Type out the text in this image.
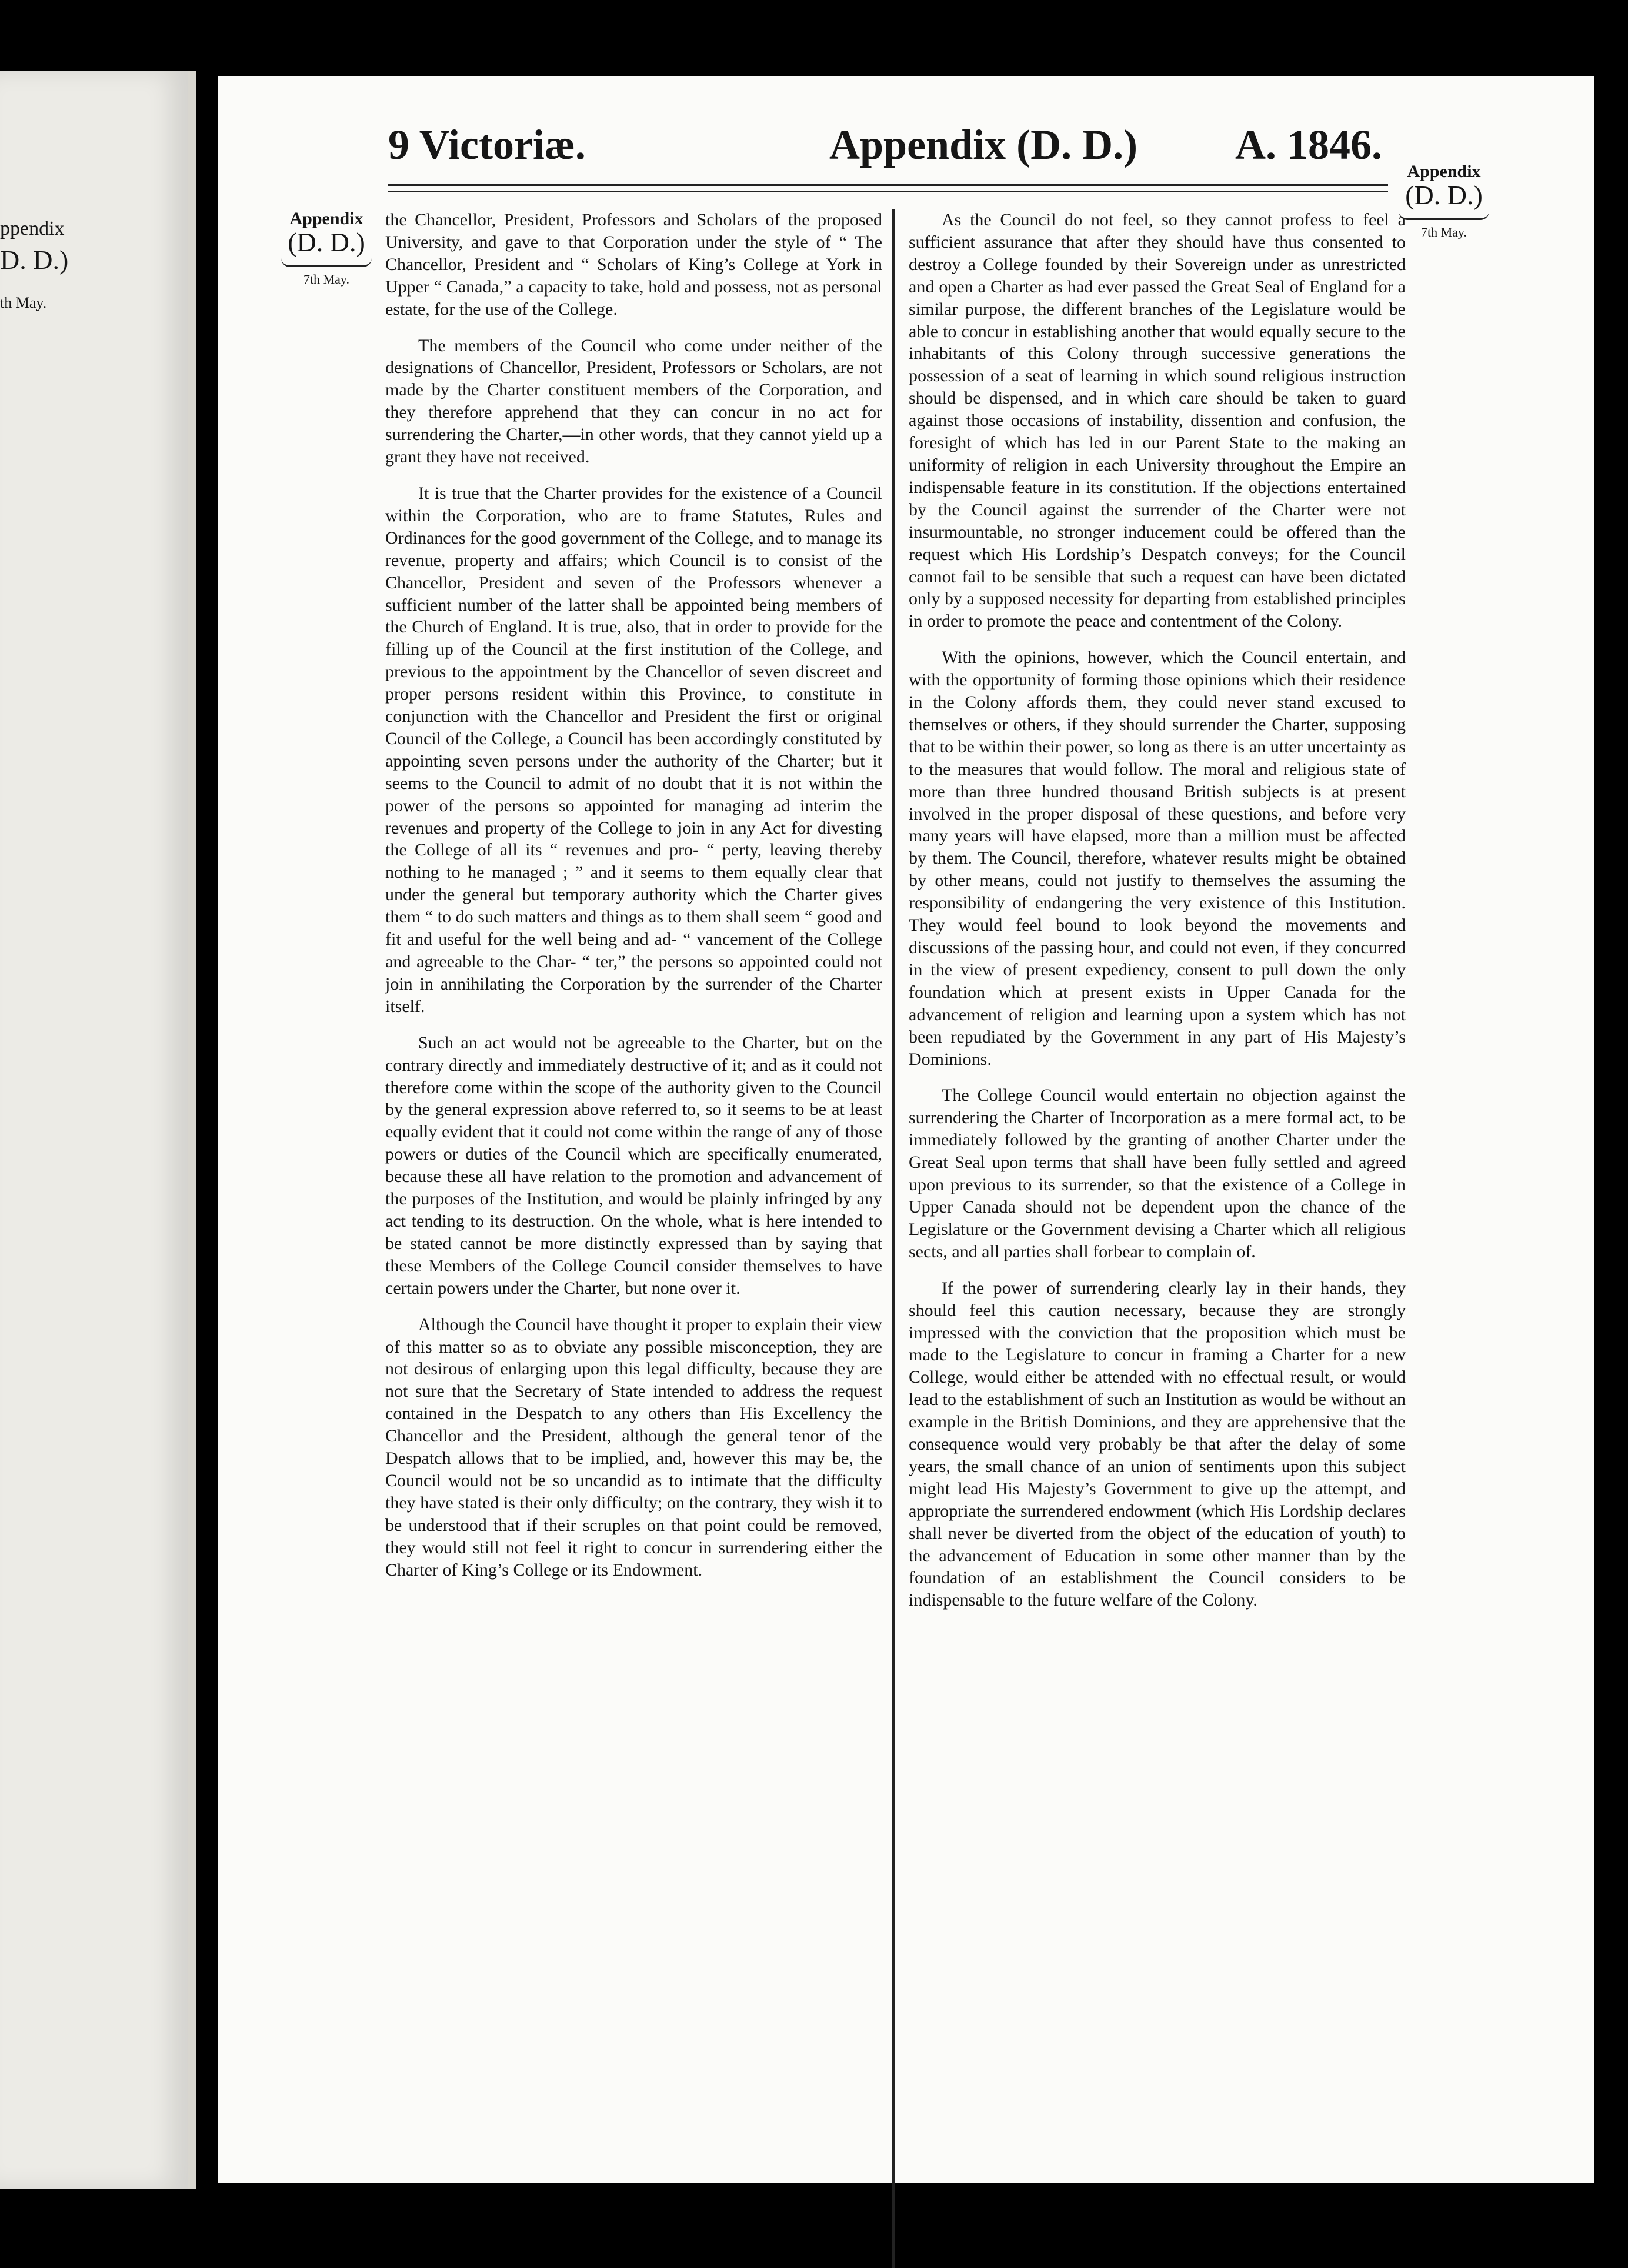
ppendix
D. D.)
th May.
9 Victoriæ.	Appendix (D. D.) A. 1846.
Appendix
(D. D.)
7th May.
Appendix
(D. D.)
7th May.

the Chancellor, President, Professors and Scholars of the proposed University, and gave to that Corporation under the style of “ The Chancellor, President and “ Scholars of King’s College at York in Upper “ Canada,” a capacity to take, hold and possess, not as personal estate, for the use of the College.

The members of the Council who come under neither of the designations of Chancellor, President, Professors or Scholars, are not made by the Charter constituent members of the Corporation, and they therefore apprehend that they can concur in no act for surrendering the Charter,—in other words, that they cannot yield up a grant they have not received.

It is true that the Charter provides for the existence of a Council within the Corporation, who are to frame Statutes, Rules and Ordinances for the good government of the College, and to manage its revenue, property and affairs; which Council is to consist of the Chancellor, President and seven of the Professors whenever a sufficient number of the latter shall be appointed being members of the Church of England. It is true, also, that in order to provide for the filling up of the Council at the first institution of the College, and previous to the appointment by the Chancellor of seven discreet and proper persons resident within this Province, to constitute in conjunction with the Chancellor and President the first or original Council of the College, a Council has been accordingly constituted by appointing seven persons under the authority of the Charter; but it seems to the Council to admit of no doubt that it is not within the power of the persons so appointed for managing ad interim the revenues and property of the College to join in any Act for divesting the College of all its “ revenues and pro- “ perty, leaving thereby nothing to he managed ; ” and it seems to them equally clear that under the general but temporary authority which the Charter gives them “ to do such matters and things as to them shall seem “ good and fit and useful for the well being and ad- “ vancement of the College and agreeable to the Char- “ ter,” the persons so appointed could not join in annihilating the Corporation by the surrender of the Charter itself.

Such an act would not be agreeable to the Charter, but on the contrary directly and immediately destructive of it; and as it could not therefore come within the scope of the authority given to the Council by the general expression above referred to, so it seems to be at least equally evident that it could not come within the range of any of those powers or duties of the Council which are specifically enumerated, because these all have relation to the promotion and advancement of the purposes of the Institution, and would be plainly infringed by any act tending to its destruction. On the whole, what is here intended to be stated cannot be more distinctly expressed than by saying that these Members of the College Council consider themselves to have certain powers under the Charter, but none over it.

Although the Council have thought it proper to explain their view of this matter so as to obviate any possible misconception, they are not desirous of enlarging upon this legal difficulty, because they are not sure that the Secretary of State intended to address the request contained in the Despatch to any others than His Excellency the Chancellor and the President, although the general tenor of the Despatch allows that to be implied, and, however this may be, the Council would not be so uncandid as to intimate that the difficulty they have stated is their only difficulty; on the contrary, they wish it to be understood that if their scruples on that point could be removed, they would still not feel it right to concur in surrendering either the Charter of King’s College or its Endowment.

As the Council do not feel, so they cannot profess to feel a sufficient assurance that after they should have thus consented to destroy a College founded by their Sovereign under as unrestricted and open a Charter as had ever passed the Great Seal of England for a similar purpose, the different branches of the Legislature would be able to concur in establishing another that would equally secure to the inhabitants of this Colony through successive generations the possession of a seat of learning in which sound religious instruction should be dispensed, and in which care should be taken to guard against those occasions of instability, dissention and confusion, the foresight of which has led in our Parent State to the making an uniformity of religion in each University throughout the Empire an indispensable feature in its constitution. If the objections entertained by the Council against the surrender of the Charter were not insurmountable, no stronger inducement could be offered than the request which His Lordship’s Despatch conveys; for the Council cannot fail to be sensible that such a request can have been dictated only by a supposed necessity for departing from established principles in order to promote the peace and contentment of the Colony.

With the opinions, however, which the Council entertain, and with the opportunity of forming those opinions which their residence in the Colony affords them, they could never stand excused to themselves or others, if they should surrender the Charter, supposing that to be within their power, so long as there is an utter uncertainty as to the measures that would follow. The moral and religious state of more than three hundred thousand British subjects is at present involved in the proper disposal of these questions, and before very many years will have elapsed, more than a million must be affected by them. The Council, therefore, whatever results might be obtained by other means, could not justify to themselves the assuming the responsibility of endangering the very existence of this Institution. They would feel bound to look beyond the movements and discussions of the passing hour, and could not even, if they concurred in the view of present expediency, consent to pull down the only foundation which at present exists in Upper Canada for the advancement of religion and learning upon a system which has not been repudiated by the Government in any part of His Majesty’s Dominions.

The College Council would entertain no objection against the surrendering the Charter of Incorporation as a mere formal act, to be immediately followed by the granting of another Charter under the Great Seal upon terms that shall have been fully settled and agreed upon previous to its surrender, so that the existence of a College in Upper Canada should not be dependent upon the chance of the Legislature or the Government devising a Charter which all religious sects, and all parties shall forbear to complain of.

If the power of surrendering clearly lay in their hands, they should feel this caution necessary, because they are strongly impressed with the conviction that the proposition which must be made to the Legislature to concur in framing a Charter for a new College, would either be attended with no effectual result, or would lead to the establishment of such an Institution as would be without an example in the British Dominions, and they are apprehensive that the consequence would very probably be that after the delay of some years, the small chance of an union of sentiments upon this subject might lead His Majesty’s Government to give up the attempt, and appropriate the surrendered endowment (which His Lordship declares shall never be diverted from the object of the education of youth) to the advancement of Education in some other manner than by the foundation of an establishment the Council considers to be indispensable to the future welfare of the Colony.
